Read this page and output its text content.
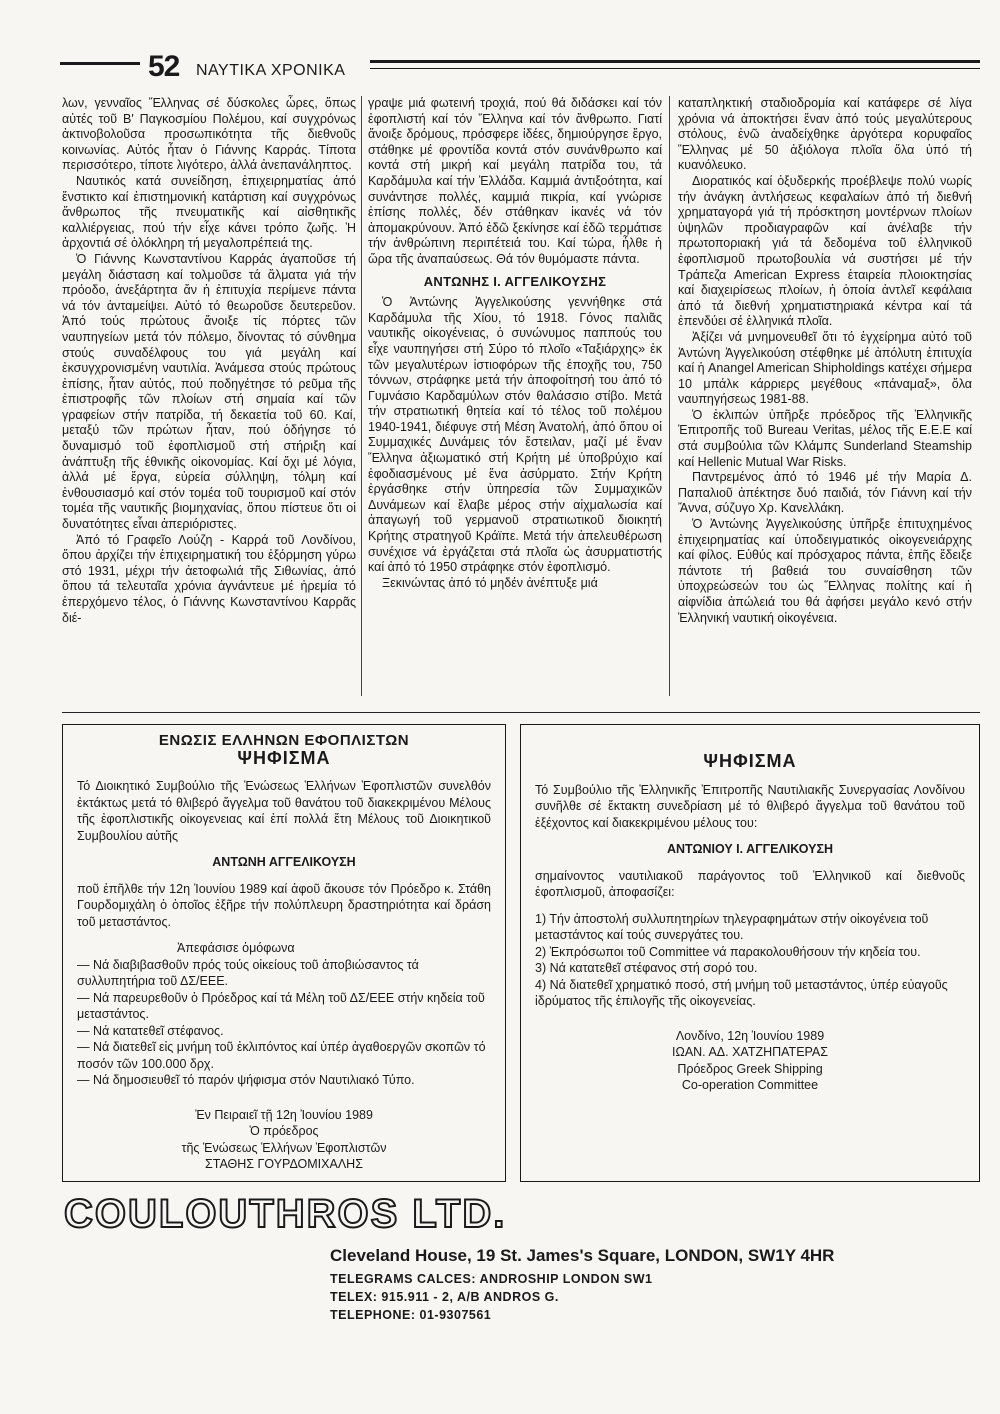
52 ΝΑΥΤΙΚΑ ΧΡΟΝΙΚΑ

λων, γενναῖος Ἕλληνας σέ δύσκολες ὧρες, ὅπως αὐτές τοῦ Β' Παγκοσμίου Πολέμου, καί συγχρόνως ἀκτινοβολοῦσα προσωπικότητα τῆς διεθνοῦς κοινωνίας. Αὐτός ἦταν ὁ Γιάννης Καρράς. Τίποτα περισσότερο, τίποτε λιγότερο, ἀλλά ἀνεπανάληπτος.

Ναυτικός κατά συνείδηση, ἐπιχειρηματίας ἀπό ἔνστικτο καί ἐπιστημονική κατάρτιση καί συγχρόνως ἄνθρωπος τῆς πνευματικῆς καί αἰσθητικῆς καλλιέργειας, πού τήν εἶχε κάνει τρόπο ζωῆς. Ἡ ἀρχοντιά σέ ὁλόκληρη τή μεγαλοπρέπειά της.

Ὁ Γιάννης Κωνσταντίνου Καρράς ἀγαποῦσε τή μεγάλη διάσταση καί τολμοῦσε τά ἅλματα γιά τήν πρόοδο, ἀνεξάρτητα ἄν ἡ ἐπιτυχία περίμενε πάντα νά τόν ἀνταμείψει. Αὐτό τό θεωροῦσε δευτερεῦον. Ἀπό τούς πρώτους ἄνοιξε τίς πόρτες τῶν ναυπηγείων μετά τόν πόλεμο, δίνοντας τό σύνθημα στούς συναδέλφους του γιά μεγάλη καί ἐκσυγχρονισμένη ναυτιλία. Ἀνάμεσα στούς πρώτους ἐπίσης, ἦταν αὐτός, πού ποδηγέτησε τό ρεῦμα τῆς ἐπιστροφῆς τῶν πλοίων στή σημαία καί τῶν γραφείων στήν πατρίδα, τή δεκαετία τοῦ 60. Καί, μεταξύ τῶν πρώτων ἦταν, πού ὁδήγησε τό δυναμισμό τοῦ ἐφοπλισμοῦ στή στήριξη καί ἀνάπτυξη τῆς ἐθνικῆς οἰκονομίας. Καί ὄχι μέ λόγια, ἀλλά μέ ἔργα, εὐρεία σύλληψη, τόλμη καί ἐνθουσιασμό καί στόν τομέα τοῦ τουρισμοῦ καί στόν τομέα τῆς ναυτικῆς βιομηχανίας, ὅπου πίστευε ὅτι οἱ δυνατότητες εἶναι ἀπεριόριστες.

Ἀπό τό Γραφεῖο Λούζη - Καρρά τοῦ Λονδίνου, ὅπου ἀρχίζει τήν ἐπιχειρηματική του ἐξόρμηση γύρω στό 1931, μέχρι τήν ἀετοφωλιά τῆς Σιθωνίας, ἀπό ὅπου τά τελευταῖα χρόνια ἀγνάντευε μέ ἠρεμία τό ἐπερχόμενο τέλος, ὁ Γιάννης Κωνσταντίνου Καρρᾶς διέ-

γραψε μιά φωτεινή τροχιά, πού θά διδάσκει καί τόν ἐφοπλιστή καί τόν Ἕλληνα καί τόν ἄνθρωπο. Γιατί ἄνοιξε δρόμους, πρόσφερε ἰδέες, δημιούργησε ἔργο, στάθηκε μέ φροντίδα κοντά στόν συνάνθρωπο καί κοντά στή μικρή καί μεγάλη πατρίδα του, τά Καρδάμυλα καί τήν Ἑλλάδα. Καμμιά ἀντιξοότητα, καί συνάντησε πολλές, καμμιά πικρία, καί γνώρισε ἐπίσης πολλές, δέν στάθηκαν ἱκανές νά τόν ἀπομακρύνουν. Ἀπό ἐδῶ ξεκίνησε καί ἐδῶ τερμάτισε τήν ἀνθρώπινη περιπέτειά του. Καί τώρα, ἦλθε ἡ ὥρα τῆς ἀναπαύσεως. Θά τόν θυμόμαστε πάντα.

ΑΝΤΩΝΗΣ Ι. ΑΓΓΕΛΙΚΟΥΣΗΣ

Ὁ Ἀντώνης Ἀγγελικούσης γεννήθηκε στά Καρδάμυλα τῆς Χίου, τό 1918. Γόνος παλιᾶς ναυτικῆς οἰκογένειας, ὁ συνώνυμος παππούς του εἶχε ναυπηγήσει στή Σύρο τό πλοῖο «Ταξιάρχης» ἐκ τῶν μεγαλυτέρων ἱστιοφόρων τῆς ἐποχῆς του, 750 τόννων, στράφηκε μετά τήν ἀποφοίτησή του ἀπό τό Γυμνάσιο Καρδαμύλων στόν θαλάσσιο στίβο. Μετά τήν στρατιωτική θητεία καί τό τέλος τοῦ πολέμου 1940-1941, διέφυγε στή Μέση Ἀνατολή, ἀπό ὅπου οἱ Συμμαχικές Δυνάμεις τόν ἔστειλαν, μαζί μέ ἕναν Ἕλληνα ἀξιωματικό στή Κρήτη μέ ὑποβρύχιο καί ἐφοδιασμένους μέ ἕνα ἀσύρματο. Στήν Κρήτη ἐργάσθηκε στήν ὑπηρεσία τῶν Συμμαχικῶν Δυνάμεων καί ἔλαβε μέρος στήν αἰχμαλωσία καί ἀπαγωγή τοῦ γερμανοῦ στρατιωτικοῦ διοικητή Κρήτης στρατηγοῦ Κράϊπε. Μετά τήν ἀπελευθέρωση συνέχισε νά ἐργάζεται στά πλοῖα ὡς ἀσυρματιστής καί ἀπό τό 1950 στράφηκε στόν ἐφοπλισμό.

Ξεκινώντας ἀπό τό μηδέν ἀνέπτυξε μιά

καταπληκτική σταδιοδρομία καί κατάφερε σέ λίγα χρόνια νά ἀποκτήσει ἕναν ἀπό τούς μεγαλύτερους στόλους, ἐνῶ ἀναδείχθηκε ἀργότερα κορυφαῖος Ἕλληνας μέ 50 ἀξιόλογα πλοῖα ὅλα ὑπό τή κυανόλευκο.

Διορατικός καί ὀξυδερκής προέβλεψε πολύ νωρίς τήν ἀνάγκη ἀντλήσεως κεφαλαίων ἀπό τή διεθνή χρηματαγορά γιά τή πρόσκτηση μοντέρνων πλοίων ὑψηλῶν προδιαγραφῶν καί ἀνέλαβε τήν πρωτοποριακή γιά τά δεδομένα τοῦ ἑλληνικοῦ ἐφοπλισμοῦ πρωτοβουλία νά συστήσει μέ τήν Τράπεζα American Express ἑταιρεία πλοιοκτησίας καί διαχειρίσεως πλοίων, ἡ ὁποία ἀντλεῖ κεφάλαια ἀπό τά διεθνή χρηματιστηριακά κέντρα καί τά ἐπενδύει σέ ἑλληνικά πλοῖα.

Ἀξίζει νά μνημονευθεῖ ὅτι τό ἐγχείρημα αὐτό τοῦ Ἀντώνη Ἀγγελικούση στέφθηκε μέ ἀπόλυτη ἐπιτυχία καί ἡ Anangel American Shipholdings κατέχει σήμερα 10 μπάλκ κάρριερς μεγέθους «πάναμαξ», ὅλα ναυπηγήσεως 1981-88.

Ὁ ἐκλιπών ὑπῆρξε πρόεδρος τῆς Ἑλληνικῆς Ἐπιτροπῆς τοῦ Bureau Veritas, μέλος τῆς Ε.Ε.Ε καί στά συμβούλια τῶν Κλάμπς Sunderland Steamship καί Hellenic Mutual War Risks.

Παντρεμένος ἀπό τό 1946 μέ τήν Μαρία Δ. Παπαλιοῦ ἀπέκτησε δυό παιδιά, τόν Γιάννη καί τήν Ἄννα, σύζυγο Χρ. Κανελλάκη.

Ὁ Ἀντώνης Ἀγγελικούσης ὑπῆρξε ἐπιτυχημένος ἐπιχειρηματίας καί ὑποδειγματικός οἰκογενειάρχης καί φίλος. Εὐθύς καί πρόσχαρος πάντα, ἐπῆς ἔδειξε πάντοτε τή βαθειά του συναίσθηση τῶν ὑποχρεώσεών του ὡς Ἕλληνας πολίτης καί ἡ αἰφνίδια ἀπώλειά του θά ἀφήσει μεγάλο κενό στήν Ἑλληνική ναυτική οἰκογένεια.

ΕΝΩΣΙΣ ΕΛΛΗΝΩΝ ΕΦΟΠΛΙΣΤΩΝ
ΨΗΦΙΣΜΑ

Τό Διοικητικό Συμβούλιο τῆς Ἑνώσεως Ἑλλήνων Ἐφοπλιστῶν συνελθόν ἐκτάκτως μετά τό θλιβερό ἄγγελμα τοῦ θανάτου τοῦ διακεκριμένου Μέλους τῆς ἐφοπλιστικῆς οἰκογενειας καί ἐπί πολλά ἔτη Μέλους τοῦ Διοικητικοῦ Συμβουλίου αὐτῆς

ΑΝΤΩΝΗ ΑΓΓΕΛΙΚΟΥΣΗ

ποῦ ἐπῆλθε τήν 12η Ἰουνίου 1989 καί ἀφοῦ ἄκουσε τόν Πρόεδρο κ. Στάθη Γουρδομιχάλη ὁ ὁποῖος ἐξῆρε τήν πολύπλευρη δραστηριότητα καί δράση τοῦ μεταστάντος.

Ἀπεφάσισε ὁμόφωνα

— Νά διαβιβασθοῦν πρός τούς οἰκείους τοῦ ἀποβιώσαντος τά συλλυπητήρια τοῦ ΔΣ/ΕΕΕ.

— Νά παρευρεθοῦν ὁ Πρόεδρος καί τά Μέλη τοῦ ΔΣ/ΕΕΕ στήν κηδεία τοῦ μεταστάντος.

— Νά κατατεθεῖ στέφανος.

— Νά διατεθεῖ εἰς μνήμη τοῦ ἐκλιπόντος καί ὑπέρ ἀγαθοεργῶν σκοπῶν τό ποσόν τῶν 100.000 δρχ.

— Νά δημοσιευθεῖ τό παρόν ψήφισμα στόν Ναυτιλιακό Τύπο.

Ἐν Πειραιεῖ τῇ 12η Ἰουνίου 1989

Ὁ πρόεδρος

τῆς Ἑνώσεως Ἑλλήνων Ἐφοπλιστῶν

ΣΤΑΘΗΣ ΓΟΥΡΔΟΜΙΧΑΛΗΣ

ΨΗΦΙΣΜΑ

Τό Συμβούλιο τῆς Ἑλληνικῆς Ἐπιτροπῆς Ναυτιλιακῆς Συνεργασίας Λονδίνου συνῆλθε σέ ἔκτακτη συνεδρίαση μέ τό θλιβερό ἄγγελμα τοῦ θανάτου τοῦ ἐξέχοντος καί διακεκριμένου μέλους του:

ΑΝΤΩΝΙΟΥ Ι. ΑΓΓΕΛΙΚΟΥΣΗ

σημαίνοντος ναυτιλιακοῦ παράγοντος τοῦ Ἑλληνικοῦ καί διεθνοῦς ἐφοπλισμοῦ, ἀποφασίζει:

1) Τήν ἀποστολή συλλυπητηρίων τηλεγραφημάτων στήν οἰκογένεια τοῦ μεταστάντος καί τούς συνεργάτες του.

2) Ἐκπρόσωποι τοῦ Committee νά παρακολουθήσουν τήν κηδεία του.

3) Νά κατατεθεῖ στέφανος στή σορό του.

4) Νά διατεθεῖ χρηματικό ποσό, στή μνήμη τοῦ μεταστάντος, ὑπέρ εὐαγοῦς ἱδρύματος τῆς ἐπιλογῆς τῆς οἰκογενείας.

Λονδίνο, 12η Ἰουνίου 1989

ΙΩΑΝ. ΑΔ. ΧΑΤΖΗΠΑΤΕΡΑΣ

Πρόεδρος Greek Shipping

Co-operation Committee

COULOUTHROS LTD.
Cleveland House, 19 St. James's Square, LONDON, SW1Y 4HR
TELEGRAMS CALCES: ANDROSHIP LONDON SW1
TELEX: 915.911 - 2, A/B ANDROS G.
TELEPHONE: 01-9307561
